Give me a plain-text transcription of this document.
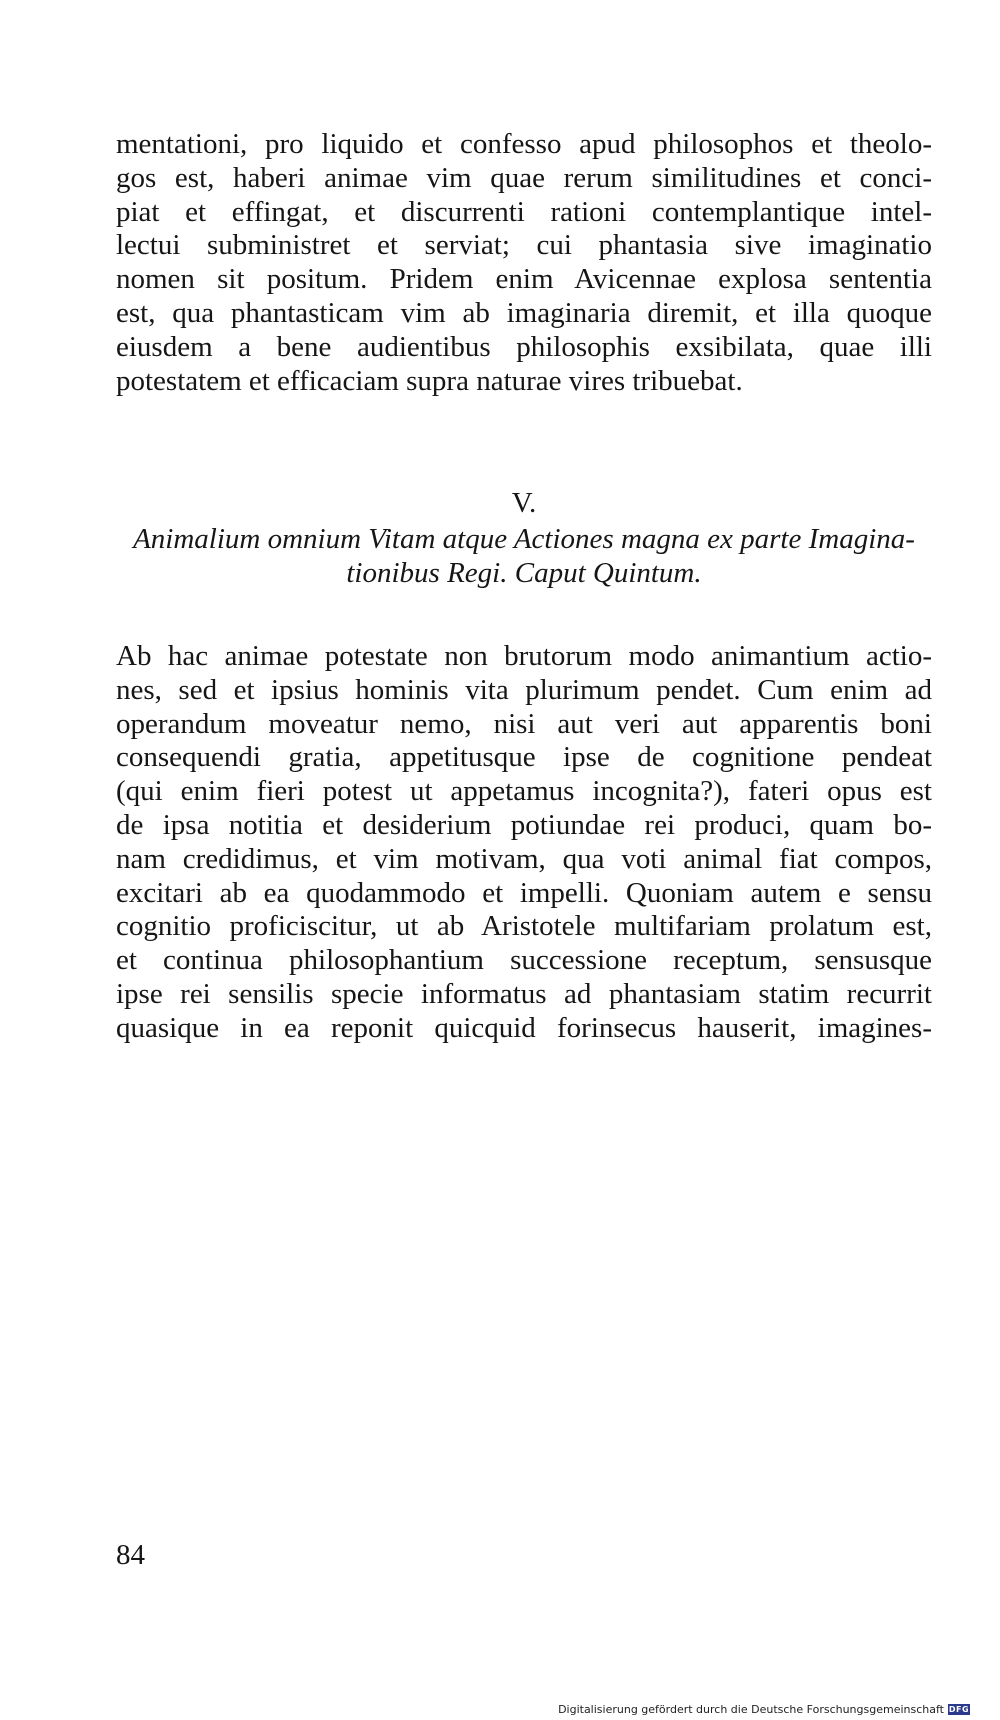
mentationi, pro liquido et confesso apud philosophos et theolo-
gos est, haberi animae vim quae rerum similitudines et conci-
piat et effingat, et discurrenti rationi contemplantique intel-
lectui subministret et serviat; cui phantasia sive imaginatio
nomen sit positum. Pridem enim Avicennae explosa sententia
est, qua phantasticam vim ab imaginaria diremit, et illa quoque
eiusdem a bene audientibus philosophis exsibilata, quae illi
potestatem et efficaciam supra naturae vires tribuebat.
V.
Animalium omnium Vitam atque Actiones magna ex parte Imagina-
tionibus Regi. Caput Quintum.
Ab hac animae potestate non brutorum modo animantium actio-
nes, sed et ipsius hominis vita plurimum pendet. Cum enim ad
operandum moveatur nemo, nisi aut veri aut apparentis boni
consequendi gratia, appetitusque ipse de cognitione pendeat
(qui enim fieri potest ut appetamus incognita?), fateri opus est
de ipsa notitia et desiderium potiundae rei produci, quam bo-
nam credidimus, et vim motivam, qua voti animal fiat compos,
excitari ab ea quodammodo et impelli. Quoniam autem e sensu
cognitio proficiscitur, ut ab Aristotele multifariam prolatum est,
et continua philosophantium successione receptum, sensusque
ipse rei sensilis specie informatus ad phantasiam statim recurrit
quasique in ea reponit quicquid forinsecus hauserit, imagines-
84
Digitalisierung gefördert durch die Deutsche Forschungsgemeinschaft DFG
